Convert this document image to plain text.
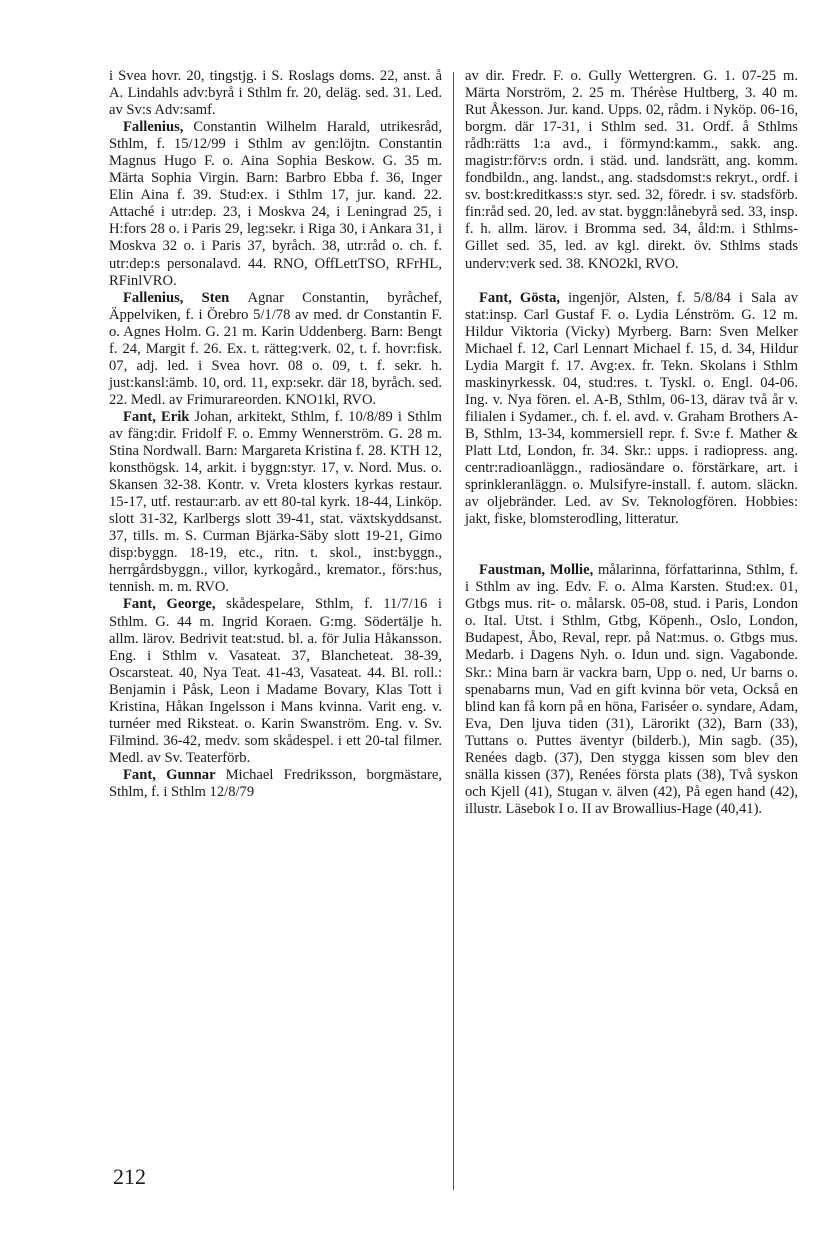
i Svea hovr. 20, tingstjg. i S. Roslags doms. 22, anst. å A. Lindahls adv:byrå i Sthlm fr. 20, deläg. sed. 31. Led. av Sv:s Adv:samf.

Fallenius, Constantin Wilhelm Harald, utrikesråd, Sthlm, f. 15/12/99 i Sthlm av gen:löjtn. Constantin Magnus Hugo F. o. Aina Sophia Beskow. G. 35 m. Märta Sophia Virgin. Barn: Barbro Ebba f. 36, Inger Elin Aina f. 39. Stud:ex. i Sthlm 17, jur. kand. 22. Attaché i utr:dep. 23, i Moskva 24, i Leningrad 25, i H:fors 28 o. i Paris 29, leg:sekr. i Riga 30, i Ankara 31, i Moskva 32 o. i Paris 37, byråch. 38, utr:råd o. ch. f. utr:dep:s personalavd. 44. RNO, OffLettTSO, RFrHL, RFinlVRO.

Fallenius, Sten Agnar Constantin, byråchef, Äppelviken, f. i Örebro 5/1/78 av med. dr Constantin F. o. Agnes Holm. G. 21 m. Karin Uddenberg. Barn: Bengt f. 24, Margit f. 26. Ex. t. rätteg:verk. 02, t. f. hovr:fisk. 07, adj. led. i Svea hovr. 08 o. 09, t. f. sekr. h. just:kansl:ämb. 10, ord. 11, exp:sekr. där 18, byråch. sed. 22. Medl. av Frimurareorden. KNO1kl, RVO.

Fant, Erik Johan, arkitekt, Sthlm, f. 10/8/89 i Sthlm av fäng:dir. Fridolf F. o. Emmy Wennerström. G. 28 m. Stina Nordwall. Barn: Margareta Kristina f. 28. KTH 12, konsthögsk. 14, arkit. i byggn:styr. 17, v. Nord. Mus. o. Skansen 32-38. Kontr. v. Vreta klosters kyrkas restaur. 15-17, utf. restaur:arb. av ett 80-tal kyrk. 18-44, Linköp. slott 31-32, Karlbergs slott 39-41, stat. växtskyddsanst. 37, tills. m. S. Curman Bjärka-Säby slott 19-21, Gimo disp:byggn. 18-19, etc., ritn. t. skol., inst:byggn., herrgårdsbyggn., villor, kyrkogård., kremator., förs:hus, tennish. m. m. RVO.

Fant, George, skådespelare, Sthlm, f. 11/7/16 i Sthlm. G. 44 m. Ingrid Koraen. G:mg. Södertälje h. allm. lärov. Bedrivit teat:stud. bl. a. för Julia Håkansson. Eng. i Sthlm v. Vasateat. 37, Blancheteat. 38-39, Oscarsteat. 40, Nya Teat. 41-43, Vasateat. 44. Bl. roll.: Benjamin i Påsk, Leon i Madame Bovary, Klas Tott i Kristina, Håkan Ingelsson i Mans kvinna. Varit eng. v. turnéer med Riksteat. o. Karin Swanström. Eng. v. Sv. Filmind. 36-42, medv. som skådespel. i ett 20-tal filmer. Medl. av Sv. Teaterförb.

Fant, Gunnar Michael Fredriksson, borgmästare, Sthlm, f. i Sthlm 12/8/79

av dir. Fredr. F. o. Gully Wettergren. G. 1. 07-25 m. Märta Norström, 2. 25 m. Thérèse Hultberg, 3. 40 m. Rut Åkesson. Jur. kand. Upps. 02, rådm. i Nyköp. 06-16, borgm. där 17-31, i Sthlm sed. 31. Ordf. å Sthlms rådh:rätts 1:a avd., i förmynd:kamm., sakk. ang. magistr:förv:s ordn. i städ. und. landsrätt, ang. komm. fondbildn., ang. landst., ang. stadsdomst:s rekryt., ordf. i sv. bost:kreditkass:s styr. sed. 32, föredr. i sv. stadsförb. fin:råd sed. 20, led. av stat. byggn:lånebyrå sed. 33, insp. f. h. allm. lärov. i Bromma sed. 34, åld:m. i Sthlms-Gillet sed. 35, led. av kgl. direkt. öv. Sthlms stads underv:verk sed. 38. KNO2kl, RVO.

Fant, Gösta, ingenjör, Alsten, f. 5/8/84 i Sala av stat:insp. Carl Gustaf F. o. Lydia Lénström. G. 12 m. Hildur Viktoria (Vicky) Myrberg. Barn: Sven Melker Michael f. 12, Carl Lennart Michael f. 15, d. 34, Hildur Lydia Margit f. 17. Avg:ex. fr. Tekn. Skolans i Sthlm maskinyrkessk. 04, stud:res. t. Tyskl. o. Engl. 04-06. Ing. v. Nya fören. el. A-B, Sthlm, 06-13, därav två år v. filialen i Sydamer., ch. f. el. avd. v. Graham Brothers A-B, Sthlm, 13-34, kommersiell repr. f. Sv:e f. Mather & Platt Ltd, London, fr. 34. Skr.: upps. i radiopress. ang. centr:radioanläggn., radiosändare o. förstärkare, art. i sprinkleranläggn. o. Mulsifyre-install. f. autom. släckn. av oljebränder. Led. av Sv. Teknologfören. Hobbies: jakt, fiske, blomsterodling, litteratur.

Faustman, Mollie, målarinna, författarinna, Sthlm, f. i Sthlm av ing. Edv. F. o. Alma Karsten. Stud:ex. 01, Gtbgs mus. rit- o. målarsk. 05-08, stud. i Paris, London o. Ital. Utst. i Sthlm, Gtbg, Köpenh., Oslo, London, Budapest, Åbo, Reval, repr. på Nat:mus. o. Gtbgs mus. Medarb. i Dagens Nyh. o. Idun und. sign. Vagabonde. Skr.: Mina barn är vackra barn, Upp o. ned, Ur barns o. spenabarns mun, Vad en gift kvinna bör veta, Också en blind kan få korn på en höna, Fariséer o. syndare, Adam, Eva, Den ljuva tiden (31), Lärorikt (32), Barn (33), Tuttans o. Puttes äventyr (bilderb.), Min sagb. (35), Renées dagb. (37), Den stygga kissen som blev den snälla kissen (37), Renées första plats (38), Två syskon och Kjell (41), Stugan v. älven (42), På egen hand (42), illustr. Läsebok I o. II av Browallius-Hage (40,41).

212
